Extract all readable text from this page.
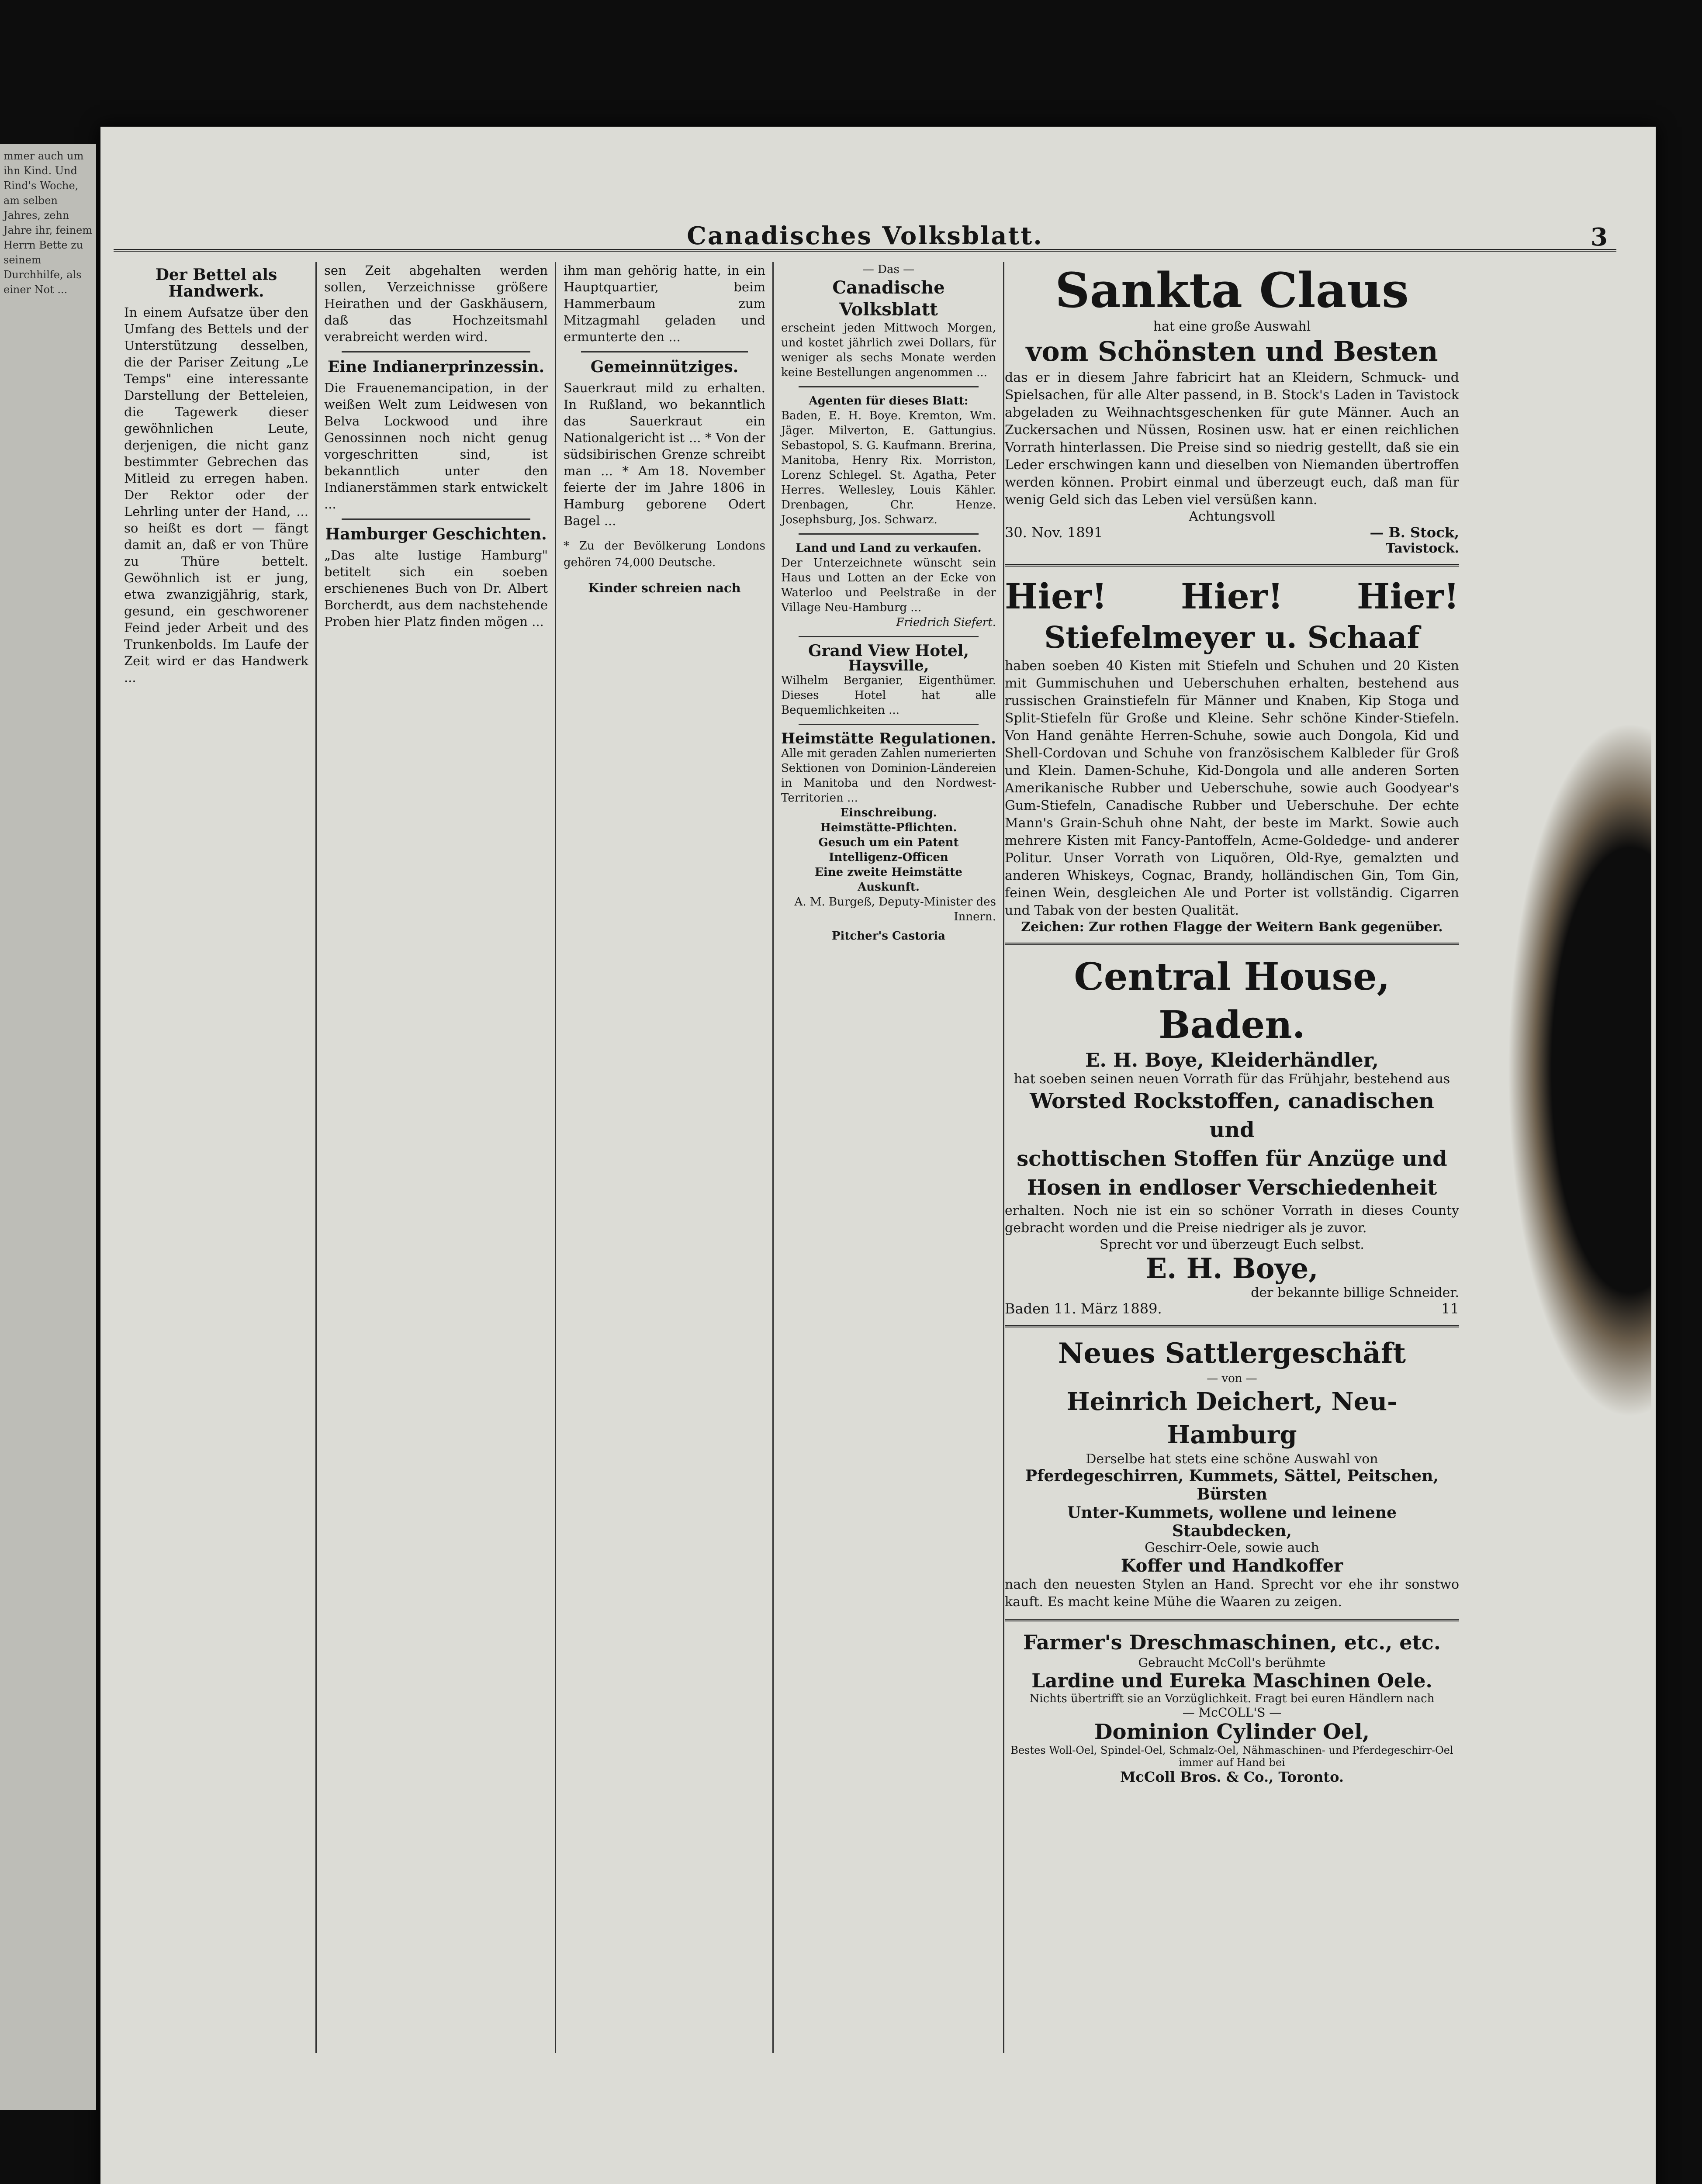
mmer auch um ihn Kind. Und Rind's Woche, am selben Jahres, zehn Jahre ihr, feinem Herrn Bette zu seinem Durchhilfe, als einer Not ...
Canadisches Volksblatt.	3
Der Bettel als Handwerk.
In einem Aufsatze über den Umfang des Bettels und der Unterstützung desselben, die der Pariser Zeitung „Le Temps" eine interessante Darstellung der Betteleien, die Tagewerk dieser gewöhnlichen Leute, derjenigen, die nicht ganz bestimmter Gebrechen das Mitleid zu erregen haben. Der Rektor oder der Lehrling unter der Hand, ... so heißt es dort — fängt damit an, daß er von Thüre zu Thüre bettelt. Gewöhnlich ist er jung, etwa zwanzigjährig, stark, gesund, ein geschworener Feind jeder Arbeit und des Trunkenbolds. Im Laufe der Zeit wird er das Handwerk ...
sen Zeit abgehalten werden sollen, Verzeichnisse größere Heirathen und der Gaskhäusern, daß das Hochzeitsmahl verabreicht werden wird.
Eine Indianerprinzessin.
Die Frauenemancipation, in der weißen Welt zum Leidwesen von Belva Lockwood und ihre Genossinnen noch nicht genug vorgeschritten sind, ist bekanntlich unter den Indianerstämmen stark entwickelt ...
Hamburger Geschichten.
„Das alte lustige Hamburg" betitelt sich ein soeben erschienenes Buch von Dr. Albert Borcherdt, aus dem nachstehende Proben hier Platz finden mögen ...
ihm man gehörig hatte, in ein Hauptquartier, beim Hammerbaum zum Mitzagmahl geladen und ermunterte den ...
Gemeinnütziges.
Sauerkraut mild zu erhalten. In Rußland, wo bekanntlich das Sauerkraut ein Nationalgericht ist ... * Von der südsibirischen Grenze schreibt man ... * Am 18. November feierte der im Jahre 1806 in Hamburg geborene Odert Bagel ...
* Zu der Bevölkerung Londons gehören 74,000 Deutsche.
Kinder schreien nach
— Das —
Canadische Volksblatt
erscheint jeden Mittwoch Morgen, und kostet jährlich zwei Dollars, für weniger als sechs Monate werden keine Bestellungen angenommen ...
Agenten für dieses Blatt:
Baden, E. H. Boye. Kremton, Wm. Jäger. Milverton, E. Gattungius. Sebastopol, S. G. Kaufmann. Brerina, Manitoba, Henry Rix. Morriston, Lorenz Schlegel. St. Agatha, Peter Herres. Wellesley, Louis Kähler. Drenbagen, Chr. Henze. Josephsburg, Jos. Schwarz.
Land und Land zu verkaufen.
Der Unterzeichnete wünscht sein Haus und Lotten an der Ecke von Waterloo und Peelstraße in der Village Neu-Hamburg ...
Friedrich Siefert.
Grand View Hotel,
Haysville,
Wilhelm Berganier, Eigenthümer. Dieses Hotel hat alle Bequemlichkeiten ...
Heimstätte Regulationen.
Alle mit geraden Zahlen numerierten Sektionen von Dominion-Ländereien in Manitoba und den Nordwest-Territorien ...
Einschreibung.
Heimstätte-Pflichten.
Gesuch um ein Patent
Intelligenz-Officen
Eine zweite Heimstätte
Auskunft.
A. M. Burgeß, Deputy-Minister des Innern.
Pitcher's Castoria
Sankta Claus
hat eine große Auswahl
vom Schönsten und Besten
das er in diesem Jahre fabricirt hat an Kleidern, Schmuck- und Spielsachen, für alle Alter passend, in B. Stock's Laden in Tavistock abgeladen zu Weihnachtsgeschenken für gute Männer. Auch an Zuckersachen und Nüssen, Rosinen usw. hat er einen reichlichen Vorrath hinterlassen. Die Preise sind so niedrig gestellt, daß sie ein Leder erschwingen kann und dieselben von Niemanden übertroffen werden können. Probirt einmal und überzeugt euch, daß man für wenig Geld sich das Leben viel versüßen kann.
Achtungsvoll
30. Nov. 1891	— B. Stock,
Tavistock.
Hier! Hier! Hier!
Stiefelmeyer u. Schaaf
haben soeben 40 Kisten mit Stiefeln und Schuhen und 20 Kisten mit Gummischuhen und Ueberschuhen erhalten, bestehend aus russischen Grainstiefeln für Männer und Knaben, Kip Stoga und Split-Stiefeln für Große und Kleine. Sehr schöne Kinder-Stiefeln. Von Hand genähte Herren-Schuhe, sowie auch Dongola, Kid und Shell-Cordovan und Schuhe von französischem Kalbleder für Groß und Klein. Damen-Schuhe, Kid-Dongola und alle anderen Sorten Amerikanische Rubber und Ueberschuhe, sowie auch Goodyear's Gum-Stiefeln, Canadische Rubber und Ueberschuhe. Der echte Mann's Grain-Schuh ohne Naht, der beste im Markt. Sowie auch mehrere Kisten mit Fancy-Pantoffeln, Acme-Goldedge- und anderer Politur. Unser Vorrath von Liquören, Old-Rye, gemalzten und anderen Whiskeys, Cognac, Brandy, holländischen Gin, Tom Gin, feinen Wein, desgleichen Ale und Porter ist vollständig. Cigarren und Tabak von der besten Qualität.
Zeichen: Zur rothen Flagge der Weitern Bank gegenüber.
Central House, Baden.
E. H. Boye, Kleiderhändler,
hat soeben seinen neuen Vorrath für das Frühjahr, bestehend aus
Worsted Rockstoffen, canadischen und
schottischen Stoffen für Anzüge und
Hosen in endloser Verschiedenheit
erhalten. Noch nie ist ein so schöner Vorrath in dieses County gebracht worden und die Preise niedriger als je zuvor.
Sprecht vor und überzeugt Euch selbst.
E. H. Boye,
der bekannte billige Schneider.
Baden 11. März 1889.	11
Neues Sattlergeschäft
— von —
Heinrich Deichert, Neu-Hamburg
Derselbe hat stets eine schöne Auswahl von
Pferdegeschirren, Kummets, Sättel, Peitschen, Bürsten
Unter-Kummets, wollene und leinene Staubdecken,
Geschirr-Oele, sowie auch
Koffer und Handkoffer
nach den neuesten Stylen an Hand. Sprecht vor ehe ihr sonstwo kauft. Es macht keine Mühe die Waaren zu zeigen.
Farmer's Dreschmaschinen, etc., etc.
Gebraucht McColl's berühmte
Lardine und Eureka Maschinen Oele.
Nichts übertrifft sie an Vorzüglichkeit. Fragt bei euren Händlern nach
— McCOLL'S —
Dominion Cylinder Oel,
Bestes Woll-Oel, Spindel-Oel, Schmalz-Oel, Nähmaschinen- und Pferdegeschirr-Oel immer auf Hand bei
McColl Bros. & Co., Toronto.
